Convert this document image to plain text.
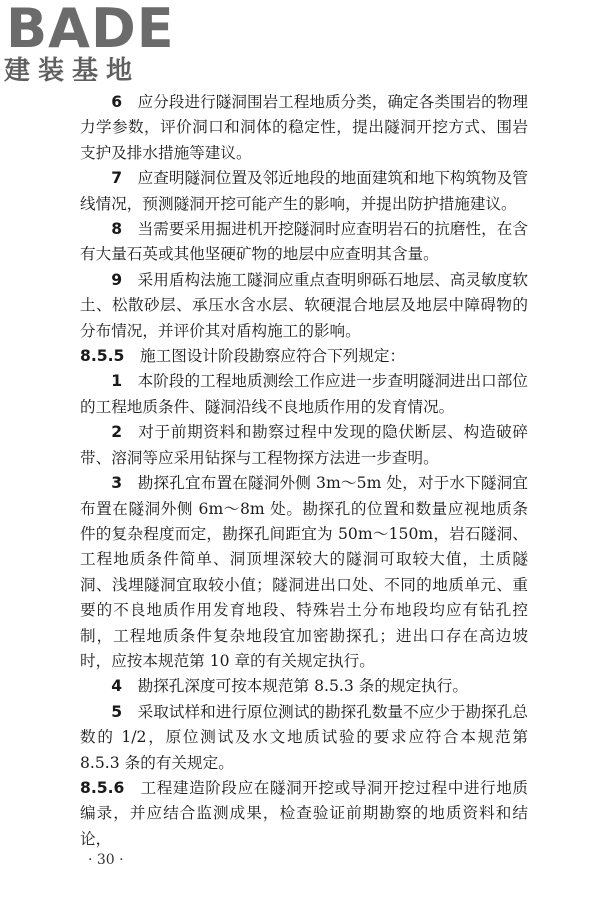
BADE
建装基地

6  应分段进行隧洞围岩工程地质分类，确定各类围岩的物理力学参数，评价洞口和洞体的稳定性，提出隧洞开挖方式、围岩支护及排水措施等建议。

7  应查明隧洞位置及邻近地段的地面建筑和地下构筑物及管线情况，预测隧洞开挖可能产生的影响，并提出防护措施建议。

8  当需要采用掘进机开挖隧洞时应查明岩石的抗磨性，在含有大量石英或其他坚硬矿物的地层中应查明其含量。

9  采用盾构法施工隧洞应重点查明卵砾石地层、高灵敏度软土、松散砂层、承压水含水层、软硬混合地层及地层中障碍物的分布情况，并评价其对盾构施工的影响。

8.5.5  施工图设计阶段勘察应符合下列规定：

1  本阶段的工程地质测绘工作应进一步查明隧洞进出口部位的工程地质条件、隧洞沿线不良地质作用的发育情况。

2  对于前期资料和勘察过程中发现的隐伏断层、构造破碎带、溶洞等应采用钻探与工程物探方法进一步查明。

3  勘探孔宜布置在隧洞外侧 3m～5m 处，对于水下隧洞宜布置在隧洞外侧 6m～8m 处。勘探孔的位置和数量应视地质条件的复杂程度而定，勘探孔间距宜为 50m～150m，岩石隧洞、工程地质条件简单、洞顶埋深较大的隧洞可取较大值，土质隧洞、浅埋隧洞宜取较小值；隧洞进出口处、不同的地质单元、重要的不良地质作用发育地段、特殊岩土分布地段均应有钻孔控制，工程地质条件复杂地段宜加密勘探孔；进出口存在高边坡时，应按本规范第 10 章的有关规定执行。

4  勘探孔深度可按本规范第 8.5.3 条的规定执行。

5  采取试样和进行原位测试的勘探孔数量不应少于勘探孔总数的 1/2，原位测试及水文地质试验的要求应符合本规范第 8.5.3 条的有关规定。

8.5.6  工程建造阶段应在隧洞开挖或导洞开挖过程中进行地质编录，并应结合监测成果，检查验证前期勘察的地质资料和结论，

· 30 ·
